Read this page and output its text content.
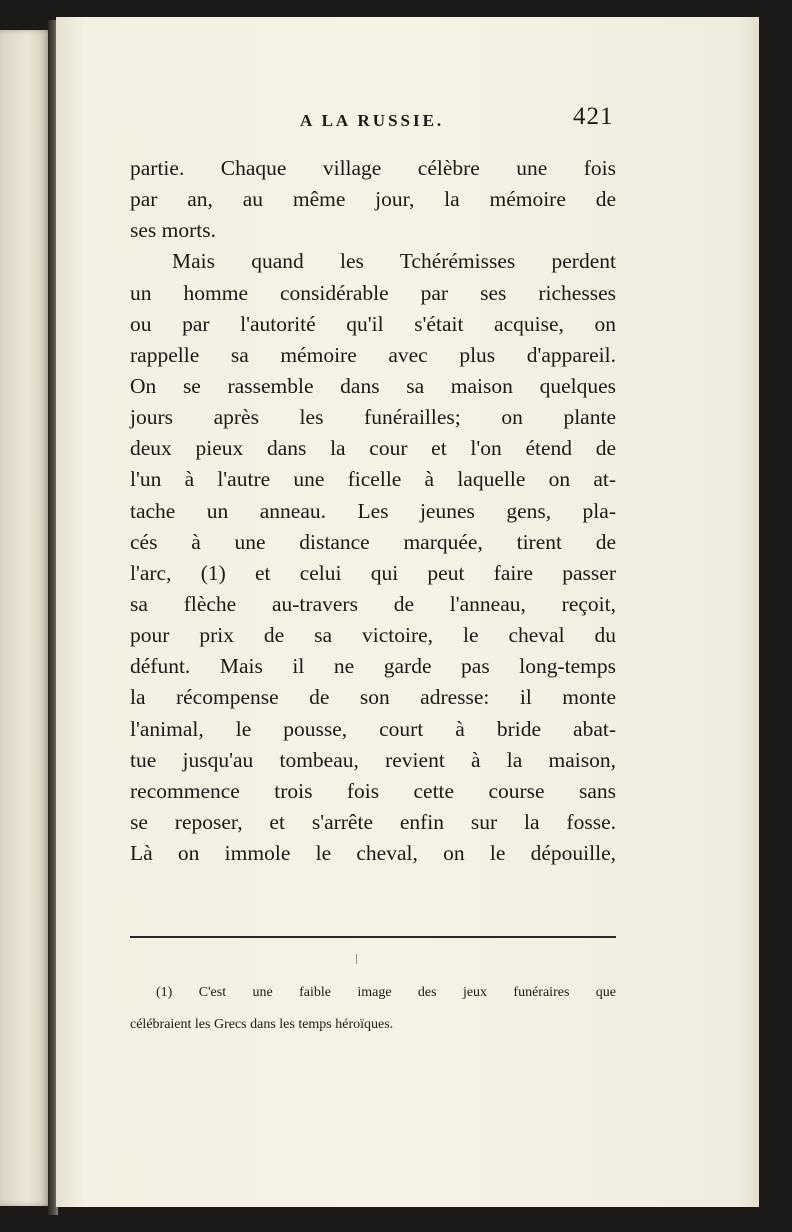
A LA RUSSIE.	421
partie. Chaque village célèbre une fois
par an, au même jour, la mémoire de
ses morts.
Mais quand les Tchérémisses perdent
un homme considérable par ses richesses
ou par l'autorité qu'il s'était acquise, on
rappelle sa mémoire avec plus d'appareil.
On se rassemble dans sa maison quelques
jours après les funérailles; on plante
deux pieux dans la cour et l'on étend de
l'un à l'autre une ficelle à laquelle on at-
tache un anneau. Les jeunes gens, pla-
cés à une distance marquée, tirent de
l'arc, (1) et celui qui peut faire passer
sa flèche au-travers de l'anneau, reçoit,
pour prix de sa victoire, le cheval du
défunt. Mais il ne garde pas long-temps
la récompense de son adresse: il monte
l'animal, le pousse, court à bride abat-
tue jusqu'au tombeau, revient à la maison,
recommence trois fois cette course sans
se reposer, et s'arrête enfin sur la fosse.
Là on immole le cheval, on le dépouille,
(1) C'est une faible image des jeux funéraires que
célébraient les Grecs dans les temps héroïques.
